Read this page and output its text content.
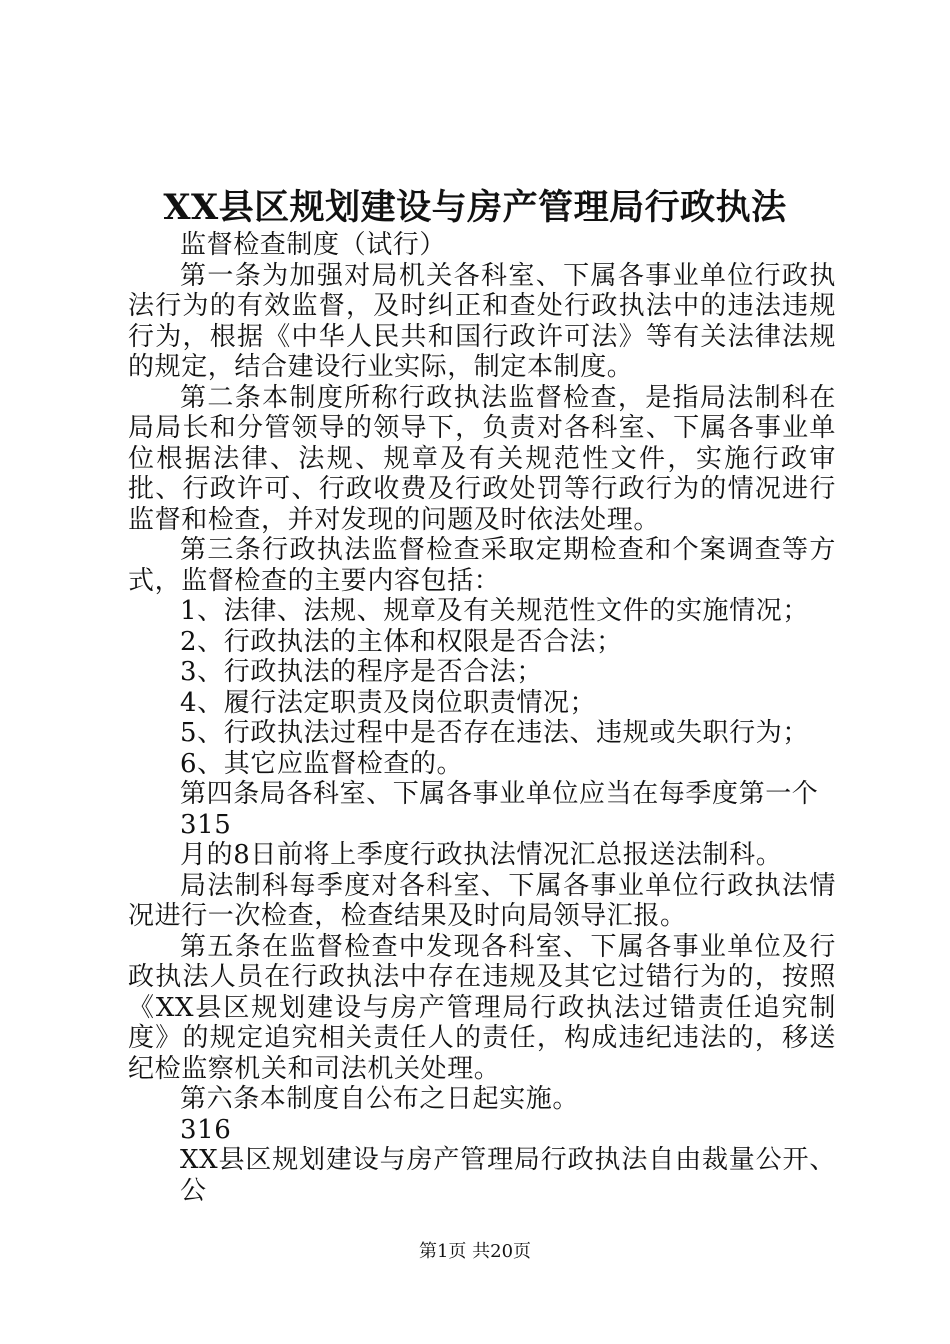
XX县区规划建设与房产管理局行政执法

监督检查制度（试行）

第一条为加强对局机关各科室、下属各事业单位行政执法行为的有效监督，及时纠正和查处行政执法中的违法违规行为，根据《中华人民共和国行政许可法》等有关法律法规的规定，结合建设行业实际，制定本制度。

第二条本制度所称行政执法监督检查，是指局法制科在局局长和分管领导的领导下，负责对各科室、下属各事业单位根据法律、法规、规章及有关规范性文件，实施行政审批、行政许可、行政收费及行政处罚等行政行为的情况进行监督和检查，并对发现的问题及时依法处理。

第三条行政执法监督检查采取定期检查和个案调查等方式，监督检查的主要内容包括：

1、法律、法规、规章及有关规范性文件的实施情况；

2、行政执法的主体和权限是否合法；

3、行政执法的程序是否合法；

4、履行法定职责及岗位职责情况；

5、行政执法过程中是否存在违法、违规或失职行为；

6、其它应监督检查的。

第四条局各科室、下属各事业单位应当在每季度第一个

315

月的8日前将上季度行政执法情况汇总报送法制科。

局法制科每季度对各科室、下属各事业单位行政执法情况进行一次检查，检查结果及时向局领导汇报。

第五条在监督检查中发现各科室、下属各事业单位及行政执法人员在行政执法中存在违规及其它过错行为的，按照《XX县区规划建设与房产管理局行政执法过错责任追究制度》的规定追究相关责任人的责任，构成违纪违法的，移送纪检监察机关和司法机关处理。

第六条本制度自公布之日起实施。

316

XX县区规划建设与房产管理局行政执法自由裁量公开、公

第1页 共20页
